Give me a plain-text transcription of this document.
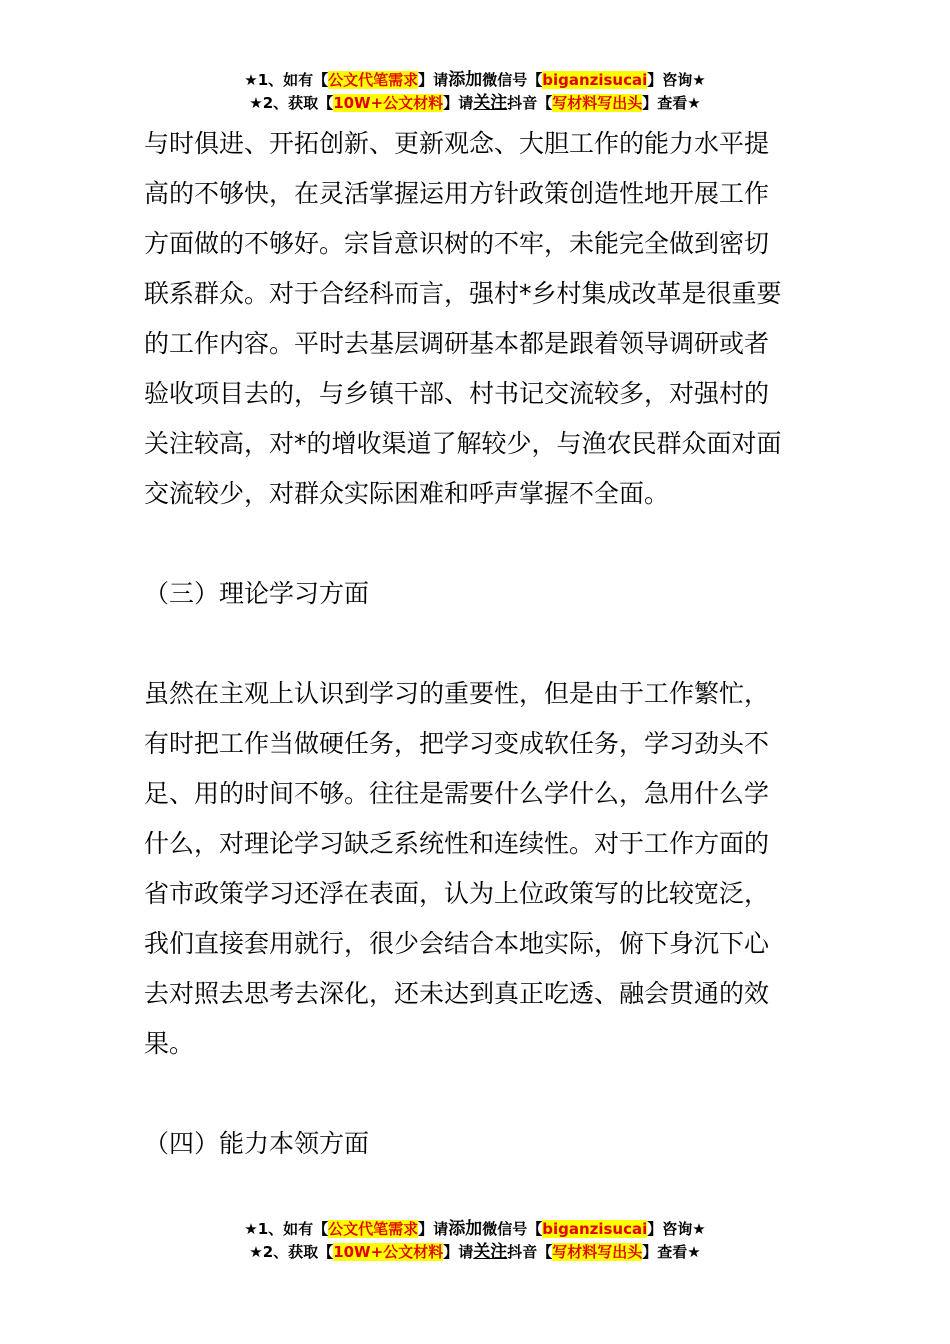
★1、如有【公文代笔需求】请添加微信号【biganzisucai】咨询★
★2、获取【10W+公文材料】请关注抖音【写材料写出头】查看★

与时俱进、开拓创新、更新观念、大胆工作的能力水平提
高的不够快，在灵活掌握运用方针政策创造性地开展工作
方面做的不够好。宗旨意识树的不牢，未能完全做到密切
联系群众。对于合经科而言，强村*乡村集成改革是很重要
的工作内容。平时去基层调研基本都是跟着领导调研或者
验收项目去的，与乡镇干部、村书记交流较多，对强村的
关注较高，对*的增收渠道了解较少，与渔农民群众面对面
交流较少，对群众实际困难和呼声掌握不全面。

（三）理论学习方面

虽然在主观上认识到学习的重要性，但是由于工作繁忙，
有时把工作当做硬任务，把学习变成软任务，学习劲头不
足、用的时间不够。往往是需要什么学什么，急用什么学
什么，对理论学习缺乏系统性和连续性。对于工作方面的
省市政策学习还浮在表面，认为上位政策写的比较宽泛，
我们直接套用就行，很少会结合本地实际，俯下身沉下心
去对照去思考去深化，还未达到真正吃透、融会贯通的效
果。

（四）能力本领方面

★1、如有【公文代笔需求】请添加微信号【biganzisucai】咨询★
★2、获取【10W+公文材料】请关注抖音【写材料写出头】查看★
